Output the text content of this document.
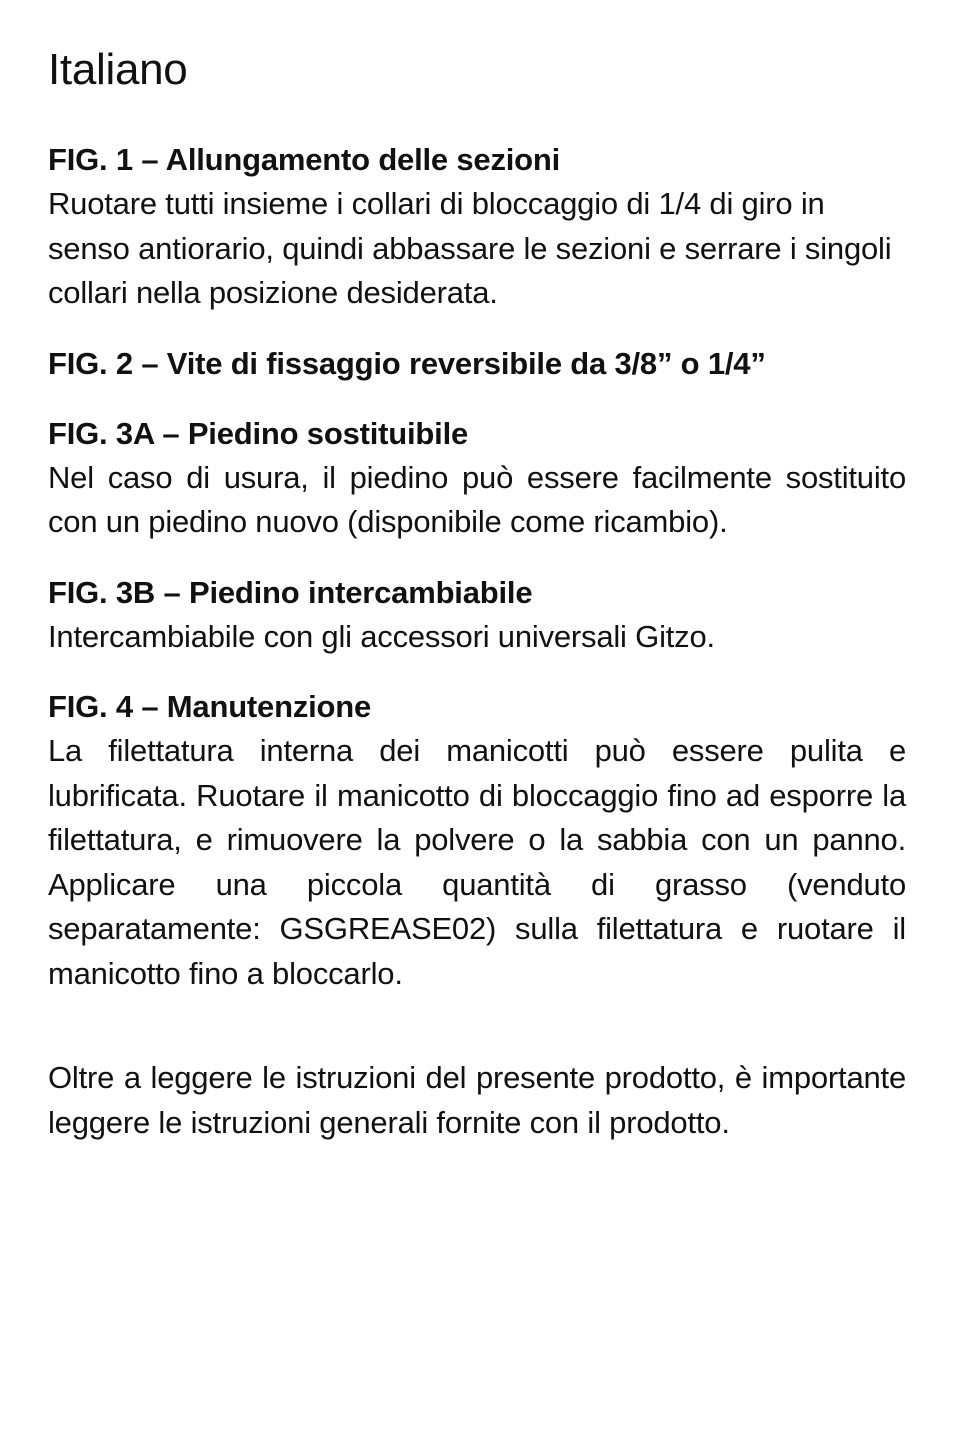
Italiano

FIG. 1 – Allungamento delle sezioni

Ruotare tutti insieme i collari di bloccaggio di 1/4 di giro in senso antiorario, quindi abbassare le sezioni e serrare i singoli collari nella posizione desiderata.

FIG. 2 – Vite di fissaggio reversibile da 3/8” o 1/4”

FIG. 3A – Piedino sostituibile

Nel caso di usura, il piedino può essere facilmente sostituito con un piedino nuovo (disponibile come ricambio).

FIG. 3B – Piedino intercambiabile

Intercambiabile con gli accessori universali Gitzo.

FIG. 4 – Manutenzione

La filettatura interna dei manicotti può essere pulita e lubrificata. Ruotare il manicotto di bloccaggio fino ad esporre la filettatura, e rimuovere la polvere o la sabbia con un panno. Applicare una piccola quantità di grasso (venduto separatamente: GSGREASE02) sulla filettatura e ruotare il manicotto fino a bloccarlo.

Oltre a leggere le istruzioni del presente prodotto, è importante leggere le istruzioni generali fornite con il prodotto.
